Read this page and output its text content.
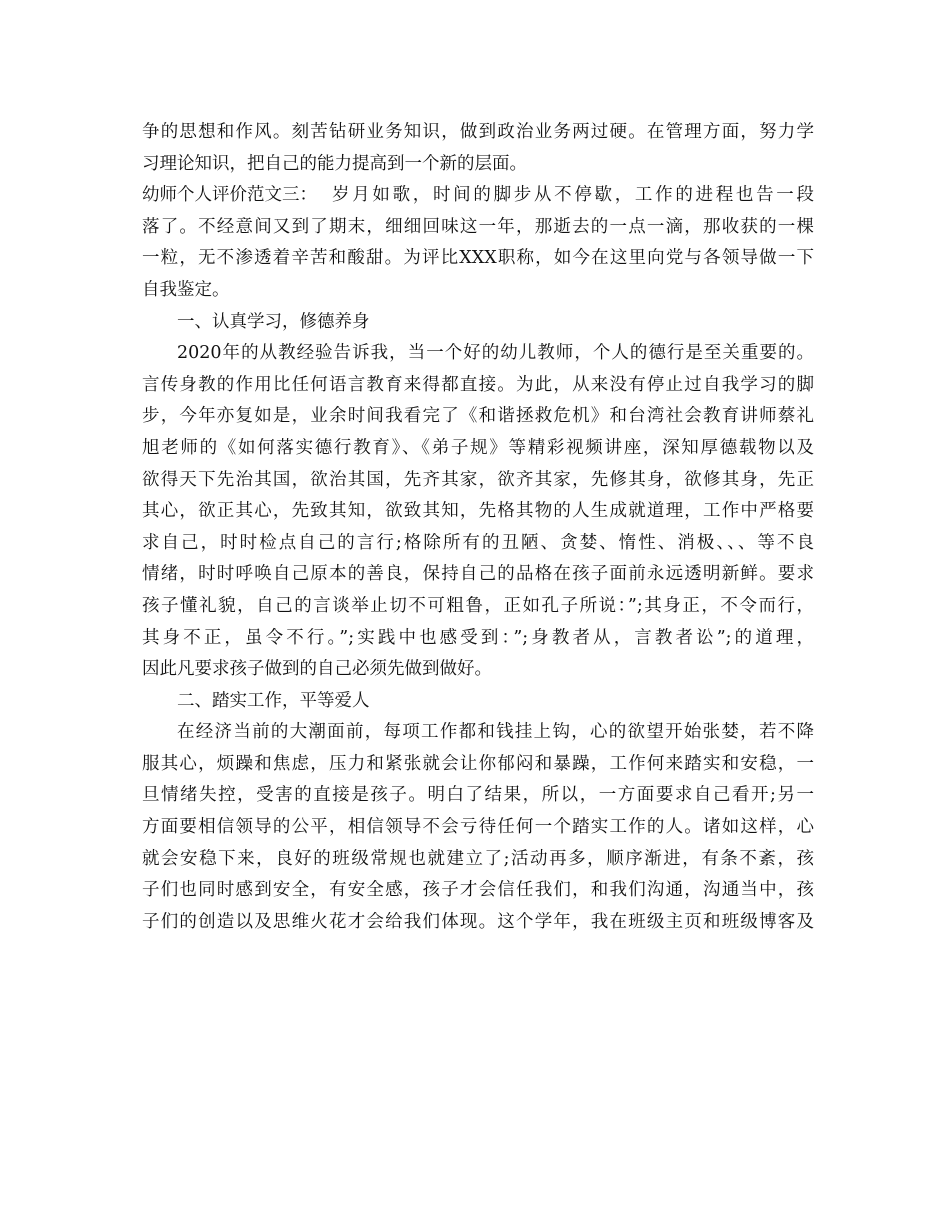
争的思想和作风。刻苦钻研业务知识，做到政治业务两过硬。在管理方面，努力学
习理论知识，把自己的能力提高到一个新的层面。
幼师个人评价范文三： 岁月如歌，时间的脚步从不停歇，工作的进程也告一段
落了。不经意间又到了期末，细细回味这一年，那逝去的一点一滴，那收获的一棵
一粒，无不渗透着辛苦和酸甜。为评比XXX职称，如今在这里向党与各领导做一下
自我鉴定。
一、认真学习，修德养身
2020年的从教经验告诉我，当一个好的幼儿教师，个人的德行是至关重要的。
言传身教的作用比任何语言教育来得都直接。为此，从来没有停止过自我学习的脚
步，今年亦复如是，业余时间我看完了《和谐拯救危机》和台湾社会教育讲师蔡礼
旭老师的《如何落实德行教育》、《弟子规》等精彩视频讲座，深知厚德载物以及
欲得天下先治其国，欲治其国，先齐其家，欲齐其家，先修其身，欲修其身，先正
其心，欲正其心，先致其知，欲致其知，先格其物的人生成就道理，工作中严格要
求自己，时时检点自己的言行;格除所有的丑陋、贪婪、惰性、消极、、、等不良
情绪，时时呼唤自己原本的善良，保持自己的品格在孩子面前永远透明新鲜。要求
孩子懂礼貌，自己的言谈举止切不可粗鲁，正如孔子所说：”;其身正，不令而行，
其身不正，虽令不行。”;实践中也感受到：”;身教者从，言教者讼”;的道理，
因此凡要求孩子做到的自己必须先做到做好。
二、踏实工作，平等爱人
在经济当前的大潮面前，每项工作都和钱挂上钩，心的欲望开始张婪，若不降
服其心，烦躁和焦虑，压力和紧张就会让你郁闷和暴躁，工作何来踏实和安稳，一
旦情绪失控，受害的直接是孩子。明白了结果，所以，一方面要求自己看开;另一
方面要相信领导的公平，相信领导不会亏待任何一个踏实工作的人。诸如这样，心
就会安稳下来，良好的班级常规也就建立了;活动再多，顺序渐进，有条不紊，孩
子们也同时感到安全，有安全感，孩子才会信任我们，和我们沟通，沟通当中，孩
子们的创造以及思维火花才会给我们体现。这个学年，我在班级主页和班级博客及
